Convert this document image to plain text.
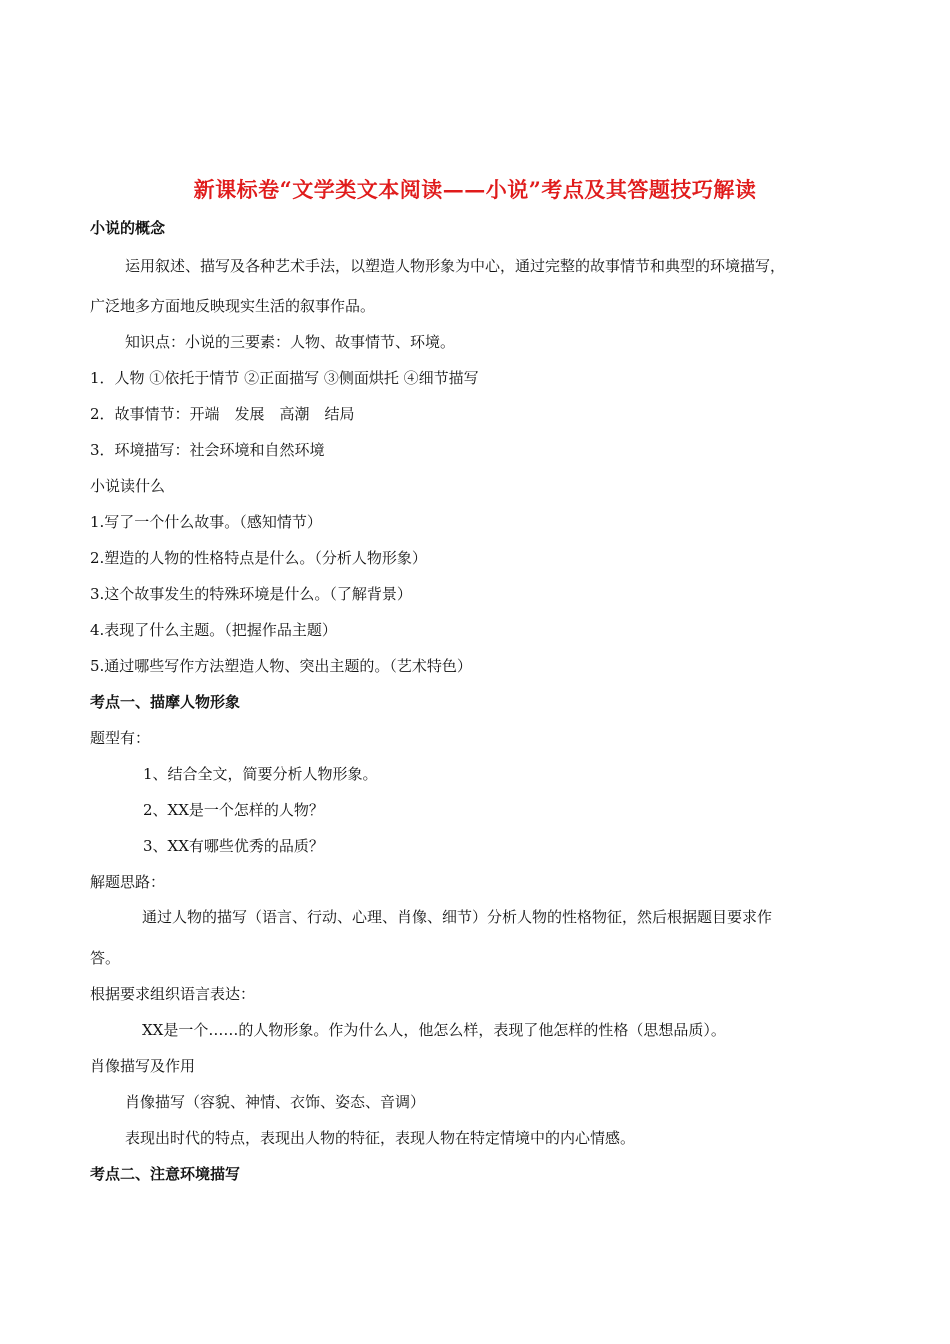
新课标卷“文学类文本阅读——小说”考点及其答题技巧解读
小说的概念
运用叙述、描写及各种艺术手法，以塑造人物形象为中心，通过完整的故事情节和典型的环境描写，
广泛地多方面地反映现实生活的叙事作品。
知识点：小说的三要素：人物、故事情节、环境。
1．人物 ①依托于情节 ②正面描写 ③侧面烘托 ④细节描写
2．故事情节：开端　发展　高潮　结局
3．环境描写：社会环境和自然环境
小说读什么
1.写了一个什么故事。（感知情节）
2.塑造的人物的性格特点是什么。（分析人物形象）
3.这个故事发生的特殊环境是什么。（了解背景）
4.表现了什么主题。（把握作品主题）
5.通过哪些写作方法塑造人物、突出主题的。（艺术特色）
考点一、描摩人物形象
题型有：
1、结合全文，简要分析人物形象。
2、XX是一个怎样的人物？
3、XX有哪些优秀的品质？
解题思路：
通过人物的描写（语言、行动、心理、肖像、细节）分析人物的性格物征，然后根据题目要求作
答。
根据要求组织语言表达：
XX是一个……的人物形象。作为什么人，他怎么样，表现了他怎样的性格（思想品质）。
肖像描写及作用
肖像描写（容貌、神情、衣饰、姿态、音调）
表现出时代的特点，表现出人物的特征，表现人物在特定情境中的内心情感。
考点二、注意环境描写
